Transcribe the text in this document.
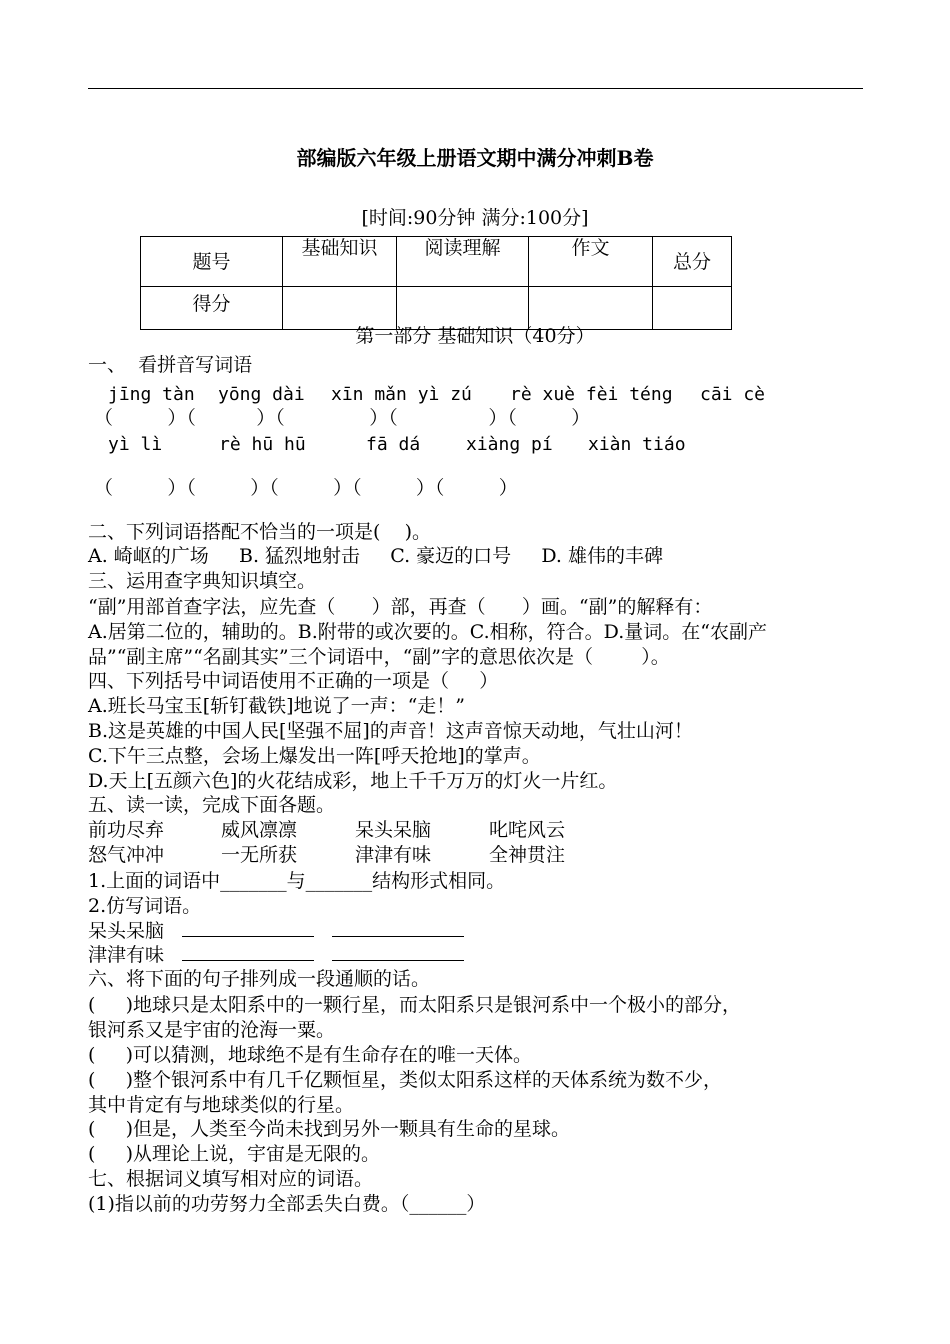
部编版六年级上册语文期中满分冲刺B卷
[时间:90分钟 满分:100分]
题号	基础知识	阅读理解	作文	总分
得分				
第一部分 基础知识（40分）
一、  看拼音写词语
jīng tàn yōng dài xīn mǎn yì zú rè xuè fèi téng cāi cè
（         ）（          ）（              ）（               ）（         ）
yì lì	rè hū hū	fā dá	xiàng pí xiàn tiáo
（         ）（         ）（         ）（         ）（         ）
二、下列词语搭配不恰当的一项是(    )。
A. 崎岖的广场     B. 猛烈地射击     C. 豪迈的口号     D. 雄伟的丰碑
三、运用查字典知识填空。
“副”用部首查字法，应先查（      ）部，再查（      ）画。“副”的解释有：
A.居第二位的，辅助的。B.附带的或次要的。C.相称，符合。D.量词。在“农副产
品”“副主席”“名副其实”三个词语中，“副”字的意思依次是（        ）。
四、下列括号中词语使用不正确的一项是（     ）
A.班长马宝玉[斩钉截铁]地说了一声：“走！”
B.这是英雄的中国人民[坚强不屈]的声音！这声音惊天动地，气壮山河！
C.下午三点整，会场上爆发出一阵[呼天抢地]的掌声。
D.天上[五颜六色]的火花结成彩，地上千千万万的灯火一片红。
五、读一读，完成下面各题。
前功尽弃	威风凛凛	呆头呆脑	叱咤风云
怒气冲冲	一无所获	津津有味	全神贯注
1.上面的词语中_______与_______结构形式相同。
2.仿写词语。
呆头呆脑
津津有味
六、将下面的句子排列成一段通顺的话。
(     )地球只是太阳系中的一颗行星，而太阳系只是银河系中一个极小的部分，
银河系又是宇宙的沧海一粟。
(     )可以猜测，地球绝不是有生命存在的唯一天体。
(     )整个银河系中有几千亿颗恒星，类似太阳系这样的天体系统为数不少，
其中肯定有与地球类似的行星。
(     )但是，人类至今尚未找到另外一颗具有生命的星球。
(     )从理论上说，宇宙是无限的。
七、根据词义填写相对应的词语。
(1)指以前的功劳努力全部丢失白费。（______）
